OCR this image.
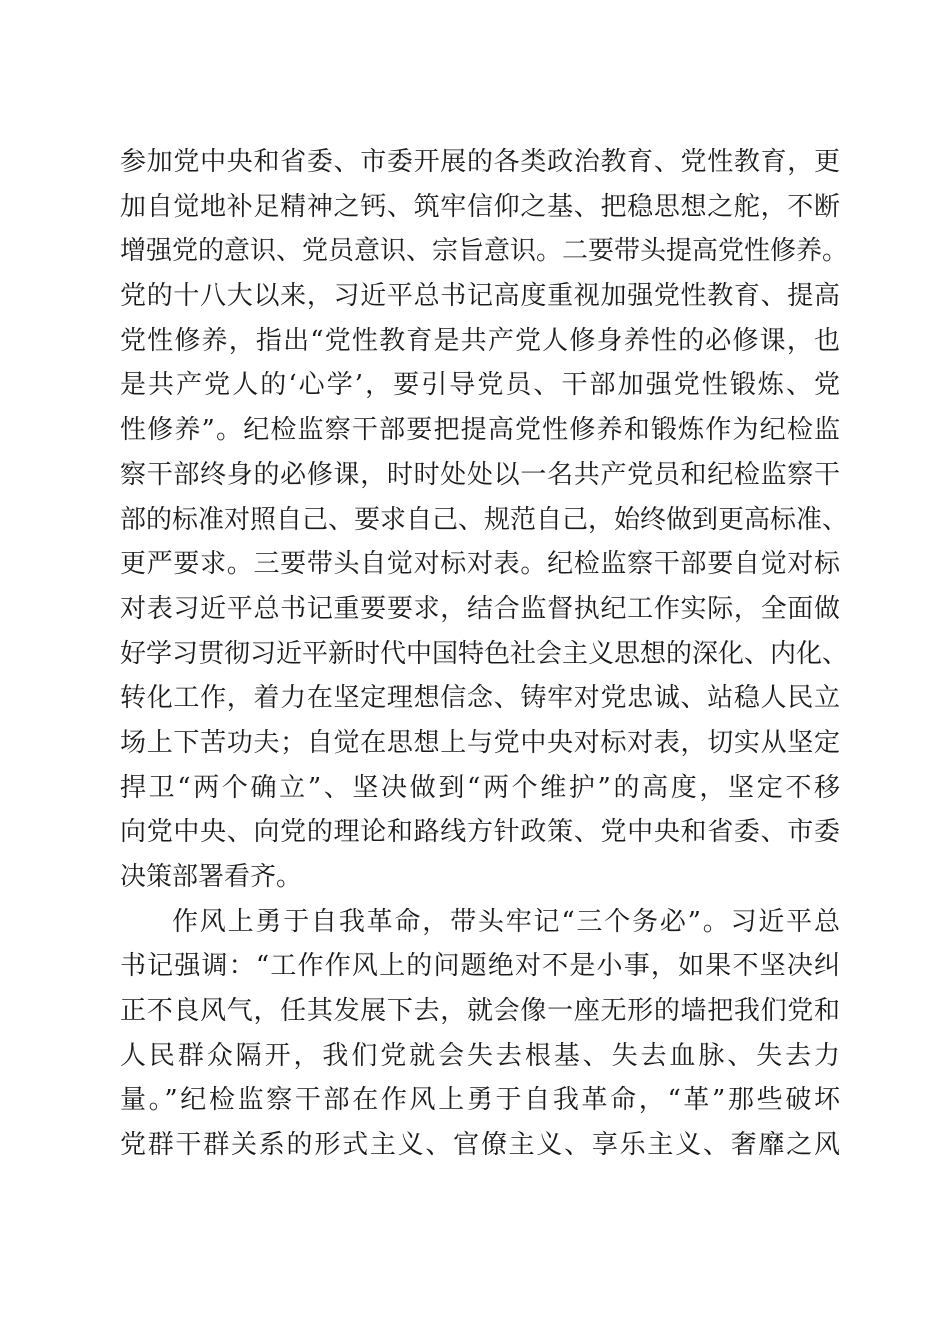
参加党中央和省委、市委开展的各类政治教育、党性教育，更
加自觉地补足精神之钙、筑牢信仰之基、把稳思想之舵，不断
增强党的意识、党员意识、宗旨意识。二要带头提高党性修养。
党的十八大以来，习近平总书记高度重视加强党性教育、提高
党性修养，指出“党性教育是共产党人修身养性的必修课，也
是共产党人的‘心学’，要引导党员、干部加强党性锻炼、党
性修养”。纪检监察干部要把提高党性修养和锻炼作为纪检监
察干部终身的必修课，时时处处以一名共产党员和纪检监察干
部的标准对照自己、要求自己、规范自己，始终做到更高标准、
更严要求。三要带头自觉对标对表。纪检监察干部要自觉对标
对表习近平总书记重要要求，结合监督执纪工作实际，全面做
好学习贯彻习近平新时代中国特色社会主义思想的深化、内化、
转化工作，着力在坚定理想信念、铸牢对党忠诚、站稳人民立
场上下苦功夫；自觉在思想上与党中央对标对表，切实从坚定
捍卫“两个确立”、坚决做到“两个维护”的高度，坚定不移
向党中央、向党的理论和路线方针政策、党中央和省委、市委
决策部署看齐。
作风上勇于自我革命，带头牢记“三个务必”。习近平总
书记强调：“工作作风上的问题绝对不是小事，如果不坚决纠
正不良风气，任其发展下去，就会像一座无形的墙把我们党和
人民群众隔开，我们党就会失去根基、失去血脉、失去力
量。”纪检监察干部在作风上勇于自我革命，“革”那些破坏
党群干群关系的形式主义、官僚主义、享乐主义、奢靡之风
